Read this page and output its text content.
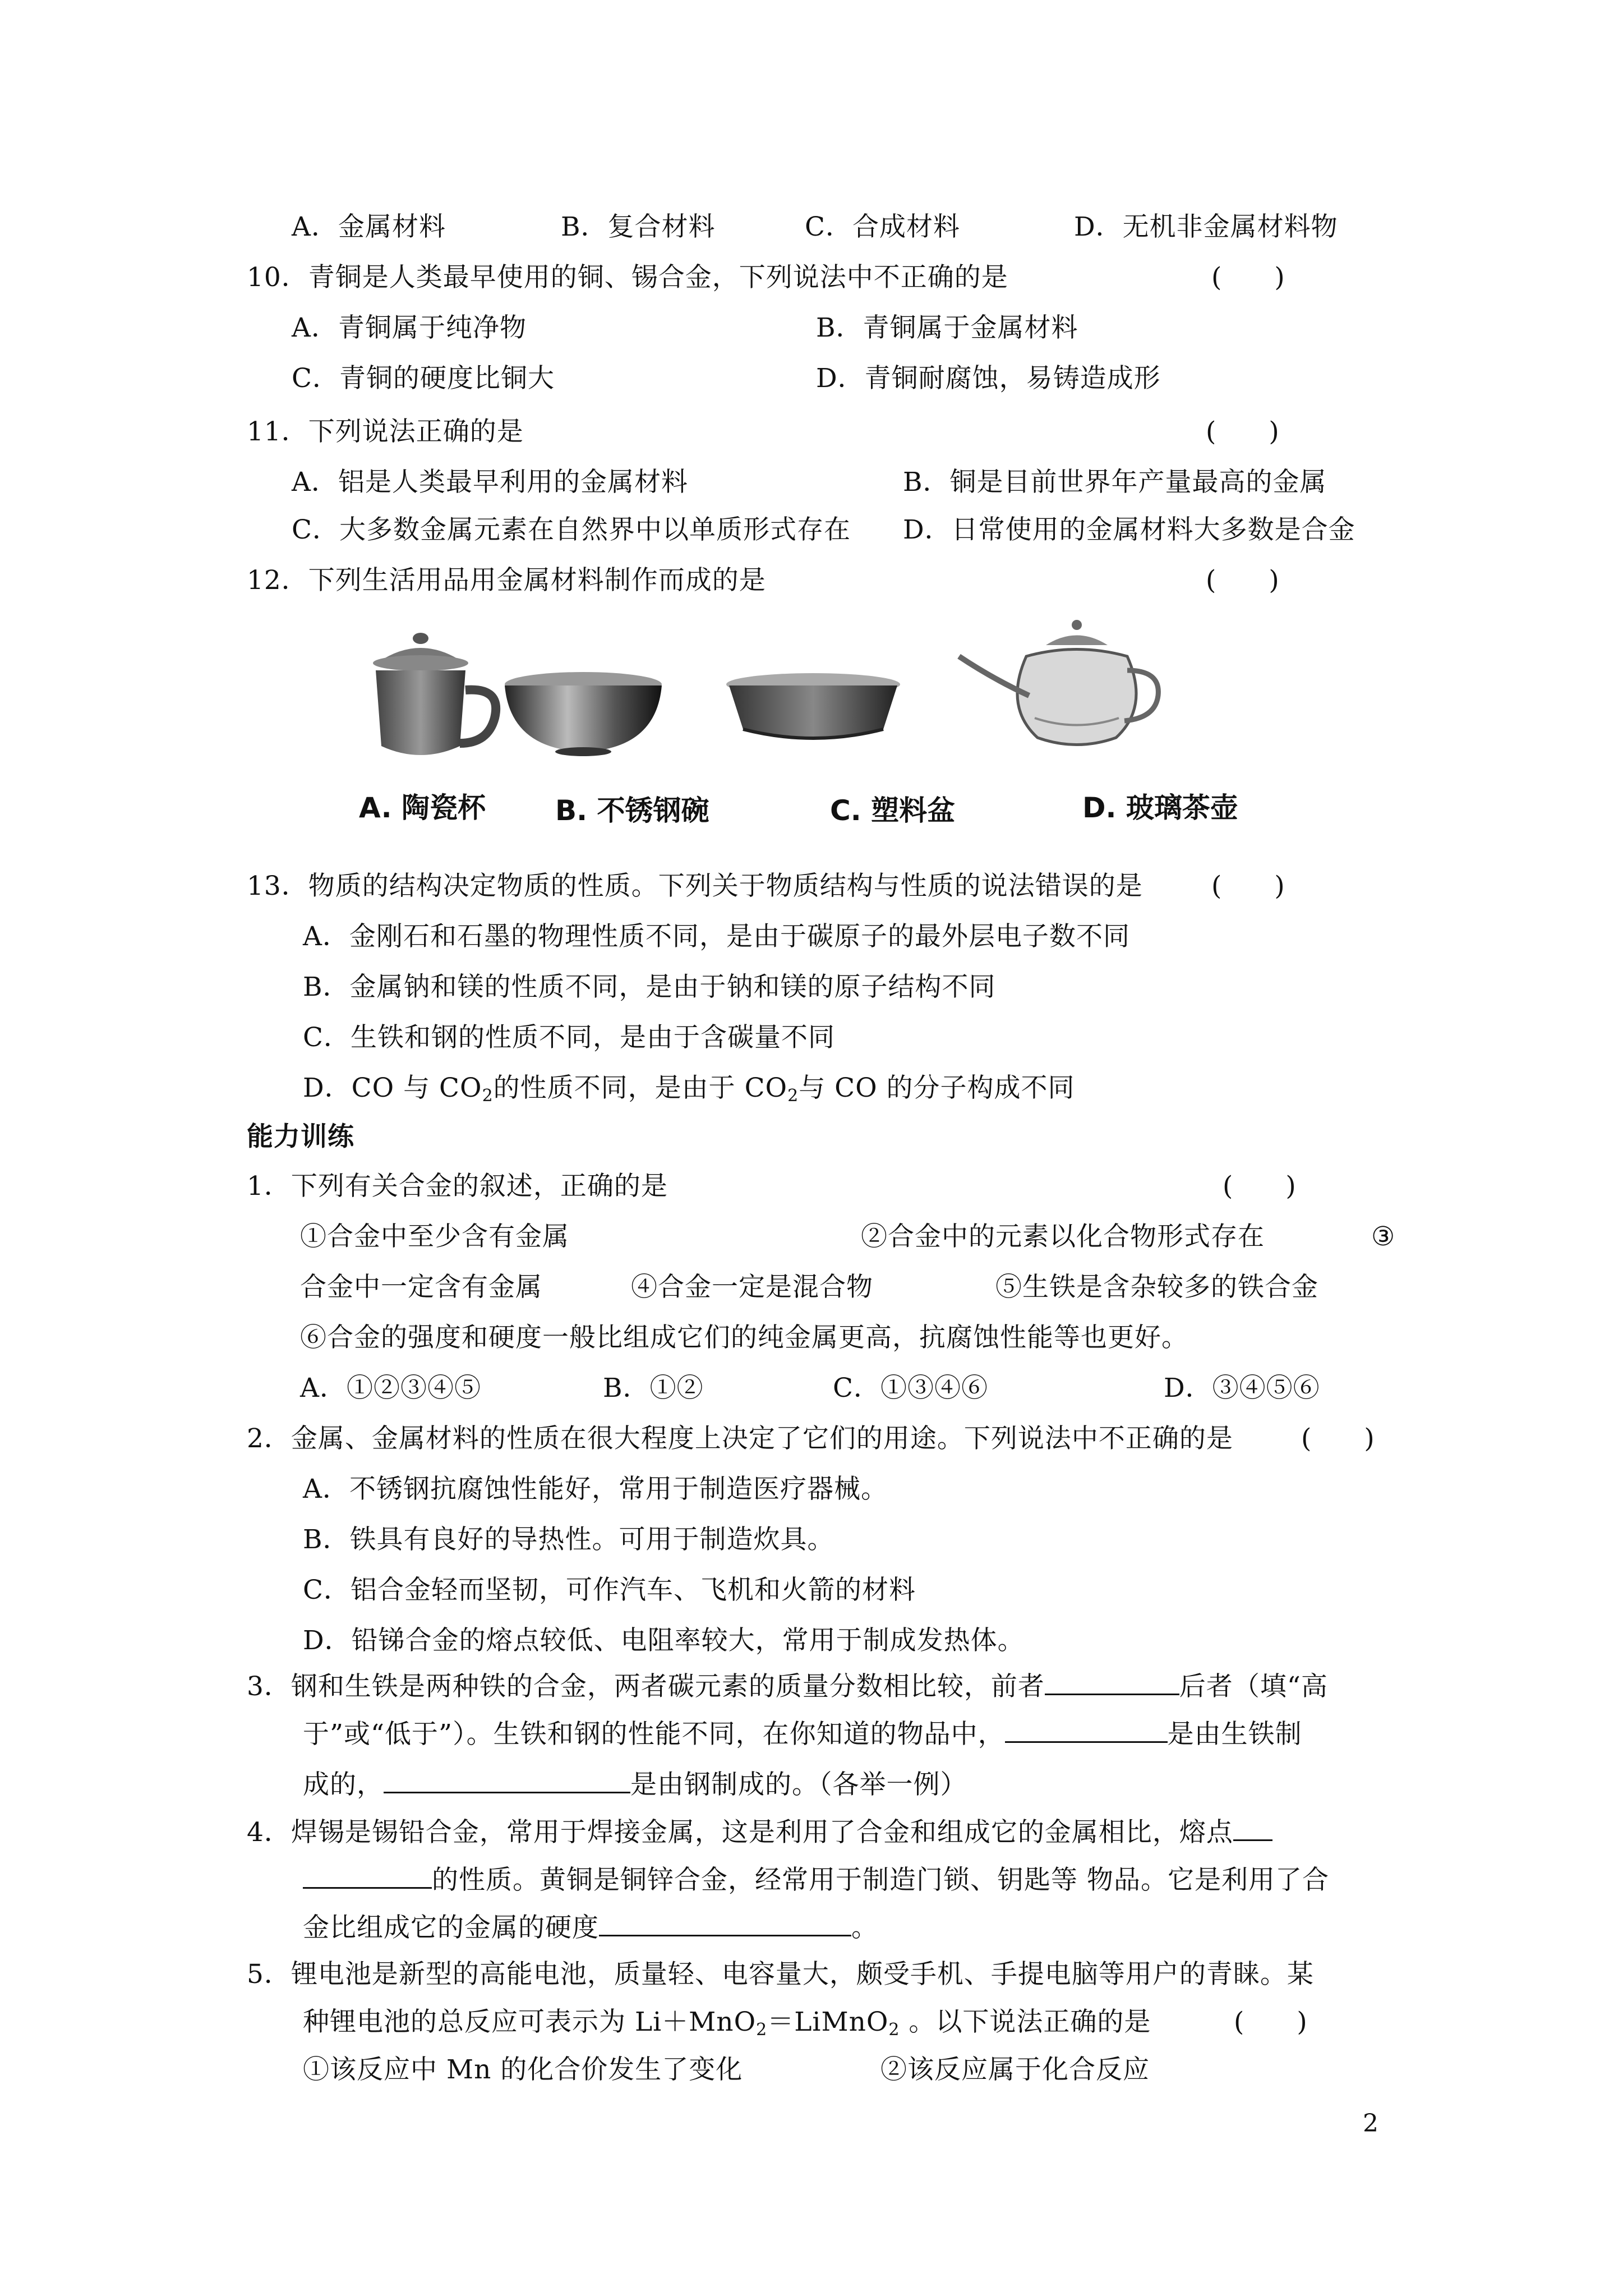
A．金属材料	B．复合材料	C．合成材料	D．无机非金属材料物
10．青铜是人类最早使用的铜、锡合金，下列说法中不正确的是	(　　)
A．青铜属于纯净物	B．青铜属于金属材料
C．青铜的硬度比铜大	D．青铜耐腐蚀，易铸造成形
11．下列说法正确的是	(　　)
A．铝是人类最早利用的金属材料	B．铜是目前世界年产量最高的金属
C．大多数金属元素在自然界中以单质形式存在 D．日常使用的金属材料大多数是合金
12．下列生活用品用金属材料制作而成的是	(　　)
A. 陶瓷杯 B. 不锈钢碗	C. 塑料盆	D. 玻璃茶壶
13．物质的结构决定物质的性质。下列关于物质结构与性质的说法错误的是	(　　)
A．金刚石和石墨的物理性质不同，是由于碳原子的最外层电子数不同
B．金属钠和镁的性质不同，是由于钠和镁的原子结构不同
C．生铁和钢的性质不同，是由于含碳量不同
D．CO 与 $CO_2$的性质不同，是由于 $CO_2$与 CO 的分子构成不同
能力训练
1．下列有关合金的叙述，正确的是	(　　)
①合金中至少含有金属	②合金中的元素以化合物形式存在	③
合金中一定含有金属	④合金一定是混合物	⑤生铁是含杂较多的铁合金
⑥合金的强度和硬度一般比组成它们的纯金属更高，抗腐蚀性能等也更好。
A．①②③④⑤	B．①②	C．①③④⑥	D．③④⑤⑥
2．金属、金属材料的性质在很大程度上决定了它们的用途。下列说法中不正确的是	(　　)
A．不锈钢抗腐蚀性能好，常用于制造医疗器械。
B．铁具有良好的导热性。可用于制造炊具。
C．铝合金轻而坚韧，可作汽车、飞机和火箭的材料
D．铅锑合金的熔点较低、电阻率较大，常用于制成发热体。
3．钢和生铁是两种铁的合金，两者碳元素的质量分数相比较，前者	后者（填“高
于”或“低于”）。生铁和钢的性能不同，在你知道的物品中，	是由生铁制
成的，	是由钢制成的。（各举一例）
4．焊锡是锡铅合金，常用于焊接金属，这是利用了合金和组成它的金属相比，熔点
的性质。黄铜是铜锌合金，经常用于制造门锁、钥匙等 物品。它是利用了合
金比组成它的金属的硬度	。
5．锂电池是新型的高能电池，质量轻、电容量大，颇受手机、手提电脑等用户的青睐。某
种锂电池的总反应可表示为 Li＋MnO$_2$＝LiMnO$_2$ 。以下说法正确的是	(　　)
①该反应中 Mn 的化合价发生了变化	②该反应属于化合反应
2
